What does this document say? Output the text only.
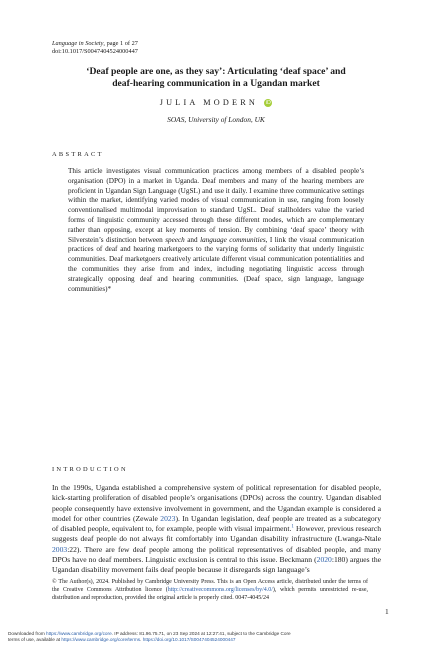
Language in Society, page 1 of 27
doi:10.1017/S0047404524000447
‘Deaf people are one, as they say’: Articulating ‘deaf space’ and
deaf-hearing communication in a Ugandan market
JULIA MODERN iD
SOAS, University of London, UK
ABSTRACT
This article investigates visual communication practices among members of a disabled people’s organisation (DPO) in a market in Uganda. Deaf members and many of the hearing members are proficient in Ugandan Sign Language (UgSL) and use it daily. I examine three communicative settings within the market, identifying varied modes of visual communication in use, ranging from loosely conventionalised multimodal improvisation to standard UgSL. Deaf stallholders value the varied forms of linguistic community accessed through these different modes, which are complementary rather than opposing, except at key moments of tension. By combining ‘deaf space’ theory with Silverstein’s distinction between speech and language communities, I link the visual communication practices of deaf and hearing marketgoers to the varying forms of solidarity that underly linguistic communities. Deaf marketgoers creatively articulate different visual communication potentialities and the communities they arise from and index, including negotiating linguistic access through strategically opposing deaf and hearing communities. (Deaf space, sign language, language communities)*
INTRODUCTION
In the 1990s, Uganda established a comprehensive system of political representation for disabled people, kick-starting proliferation of disabled people’s organisations (DPOs) across the country. Ugandan disabled people consequently have extensive involvement in government, and the Ugandan example is considered a model for other countries (Zewale 2023). In Ugandan legislation, deaf people are treated as a subcategory of disabled people, equivalent to, for example, people with visual impairment.$^1$ However, previous research suggests deaf people do not always fit comfortably into Ugandan disability infrastructure (Lwanga-Ntale 2003:22). There are few deaf people among the political representatives of disabled people, and many DPOs have no deaf members. Linguistic exclusion is central to this issue. Beckmann (2020:180) argues the Ugandan disability movement fails deaf people because it disregards sign language’s
© The Author(s), 2024. Published by Cambridge University Press. This is an Open Access article, distributed under the terms of the Creative Commons Attribution licence (http://creativecommons.org/licenses/by/4.0/), which permits unrestricted re-use, distribution and reproduction, provided the original article is properly cited. 0047-4045/24
1
Downloaded from https://www.cambridge.org/core. IP address: 81.96.75.71, on 23 Sep 2024 at 12:27:41, subject to the Cambridge Core
terms of use, available at https://www.cambridge.org/core/terms. https://doi.org/10.1017/S0047404524000447
